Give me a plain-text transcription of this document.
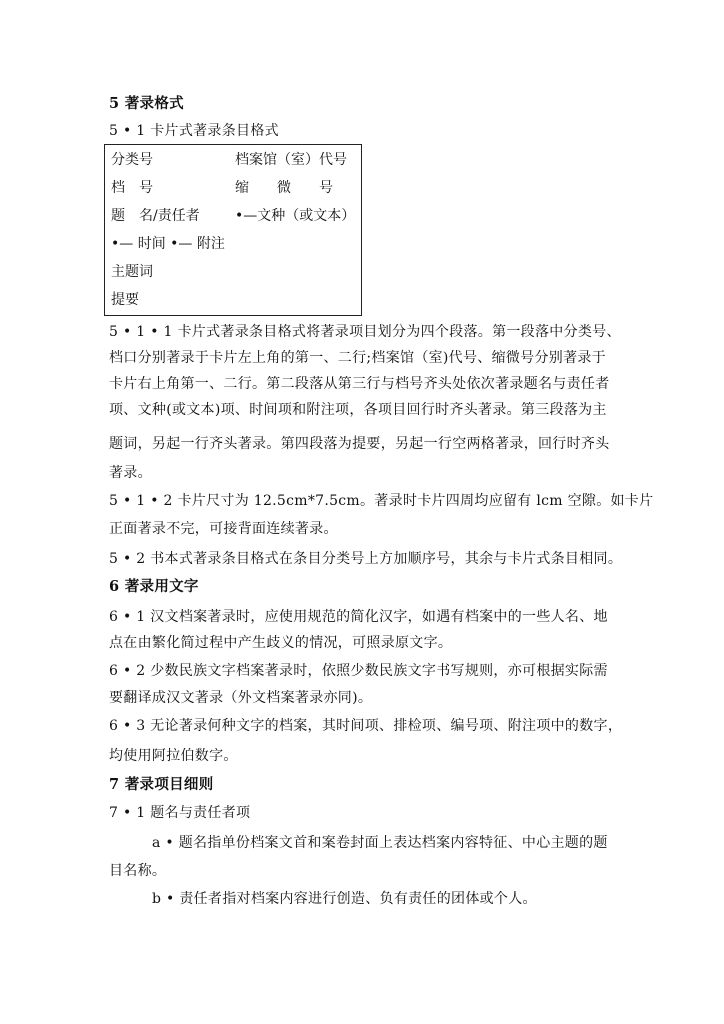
5 著录格式
5 • 1 卡片式著录条目格式
分类号	档案馆（室）代号
档　号	缩　　微　　号
题　名/责任者	•—文种（或文本）
•— 时间 •— 附注
主题词
提要
5 • 1 • 1 卡片式著录条目格式将著录项目划分为四个段落。第一段落中分类号、
档口分别著录于卡片左上角的第一、二行;档案馆（室)代号、缩微号分别著录于
卡片右上角第一、二行。第二段落从第三行与档号齐头处依次著录题名与责任者
项、文种(或文本)项、时间项和附注项，各项目回行时齐头著录。第三段落为主
题词，另起一行齐头著录。第四段落为提要，另起一行空两格著录，回行时齐头
著录。
5 • 1 • 2 卡片尺寸为 12.5cm*7.5cm。著录时卡片四周均应留有 lcm 空隙。如卡片
正面著录不完，可接背面连续著录。
5 • 2 书本式著录条目格式在条目分类号上方加顺序号，其余与卡片式条目相同。
6 著录用文字
6 • 1 汉文档案著录时，应使用规范的简化汉字，如遇有档案中的一些人名、地
点在由繁化简过程中产生歧义的情况，可照录原文字。
6 • 2 少数民族文字档案著录时，依照少数民族文字书写规则，亦可根据实际需
要翻译成汉文著录（外文档案著录亦同)。
6 • 3 无论著录何种文字的档案，其时间项、排检项、编号项、附注项中的数字，
均使用阿拉伯数字。
7 著录项目细则
7 • 1 题名与责任者项
a • 题名指单份档案文首和案卷封面上表达档案内容特征、中心主题的题
目名称。
b • 责任者指对档案内容进行创造、负有责任的团体或个人。
